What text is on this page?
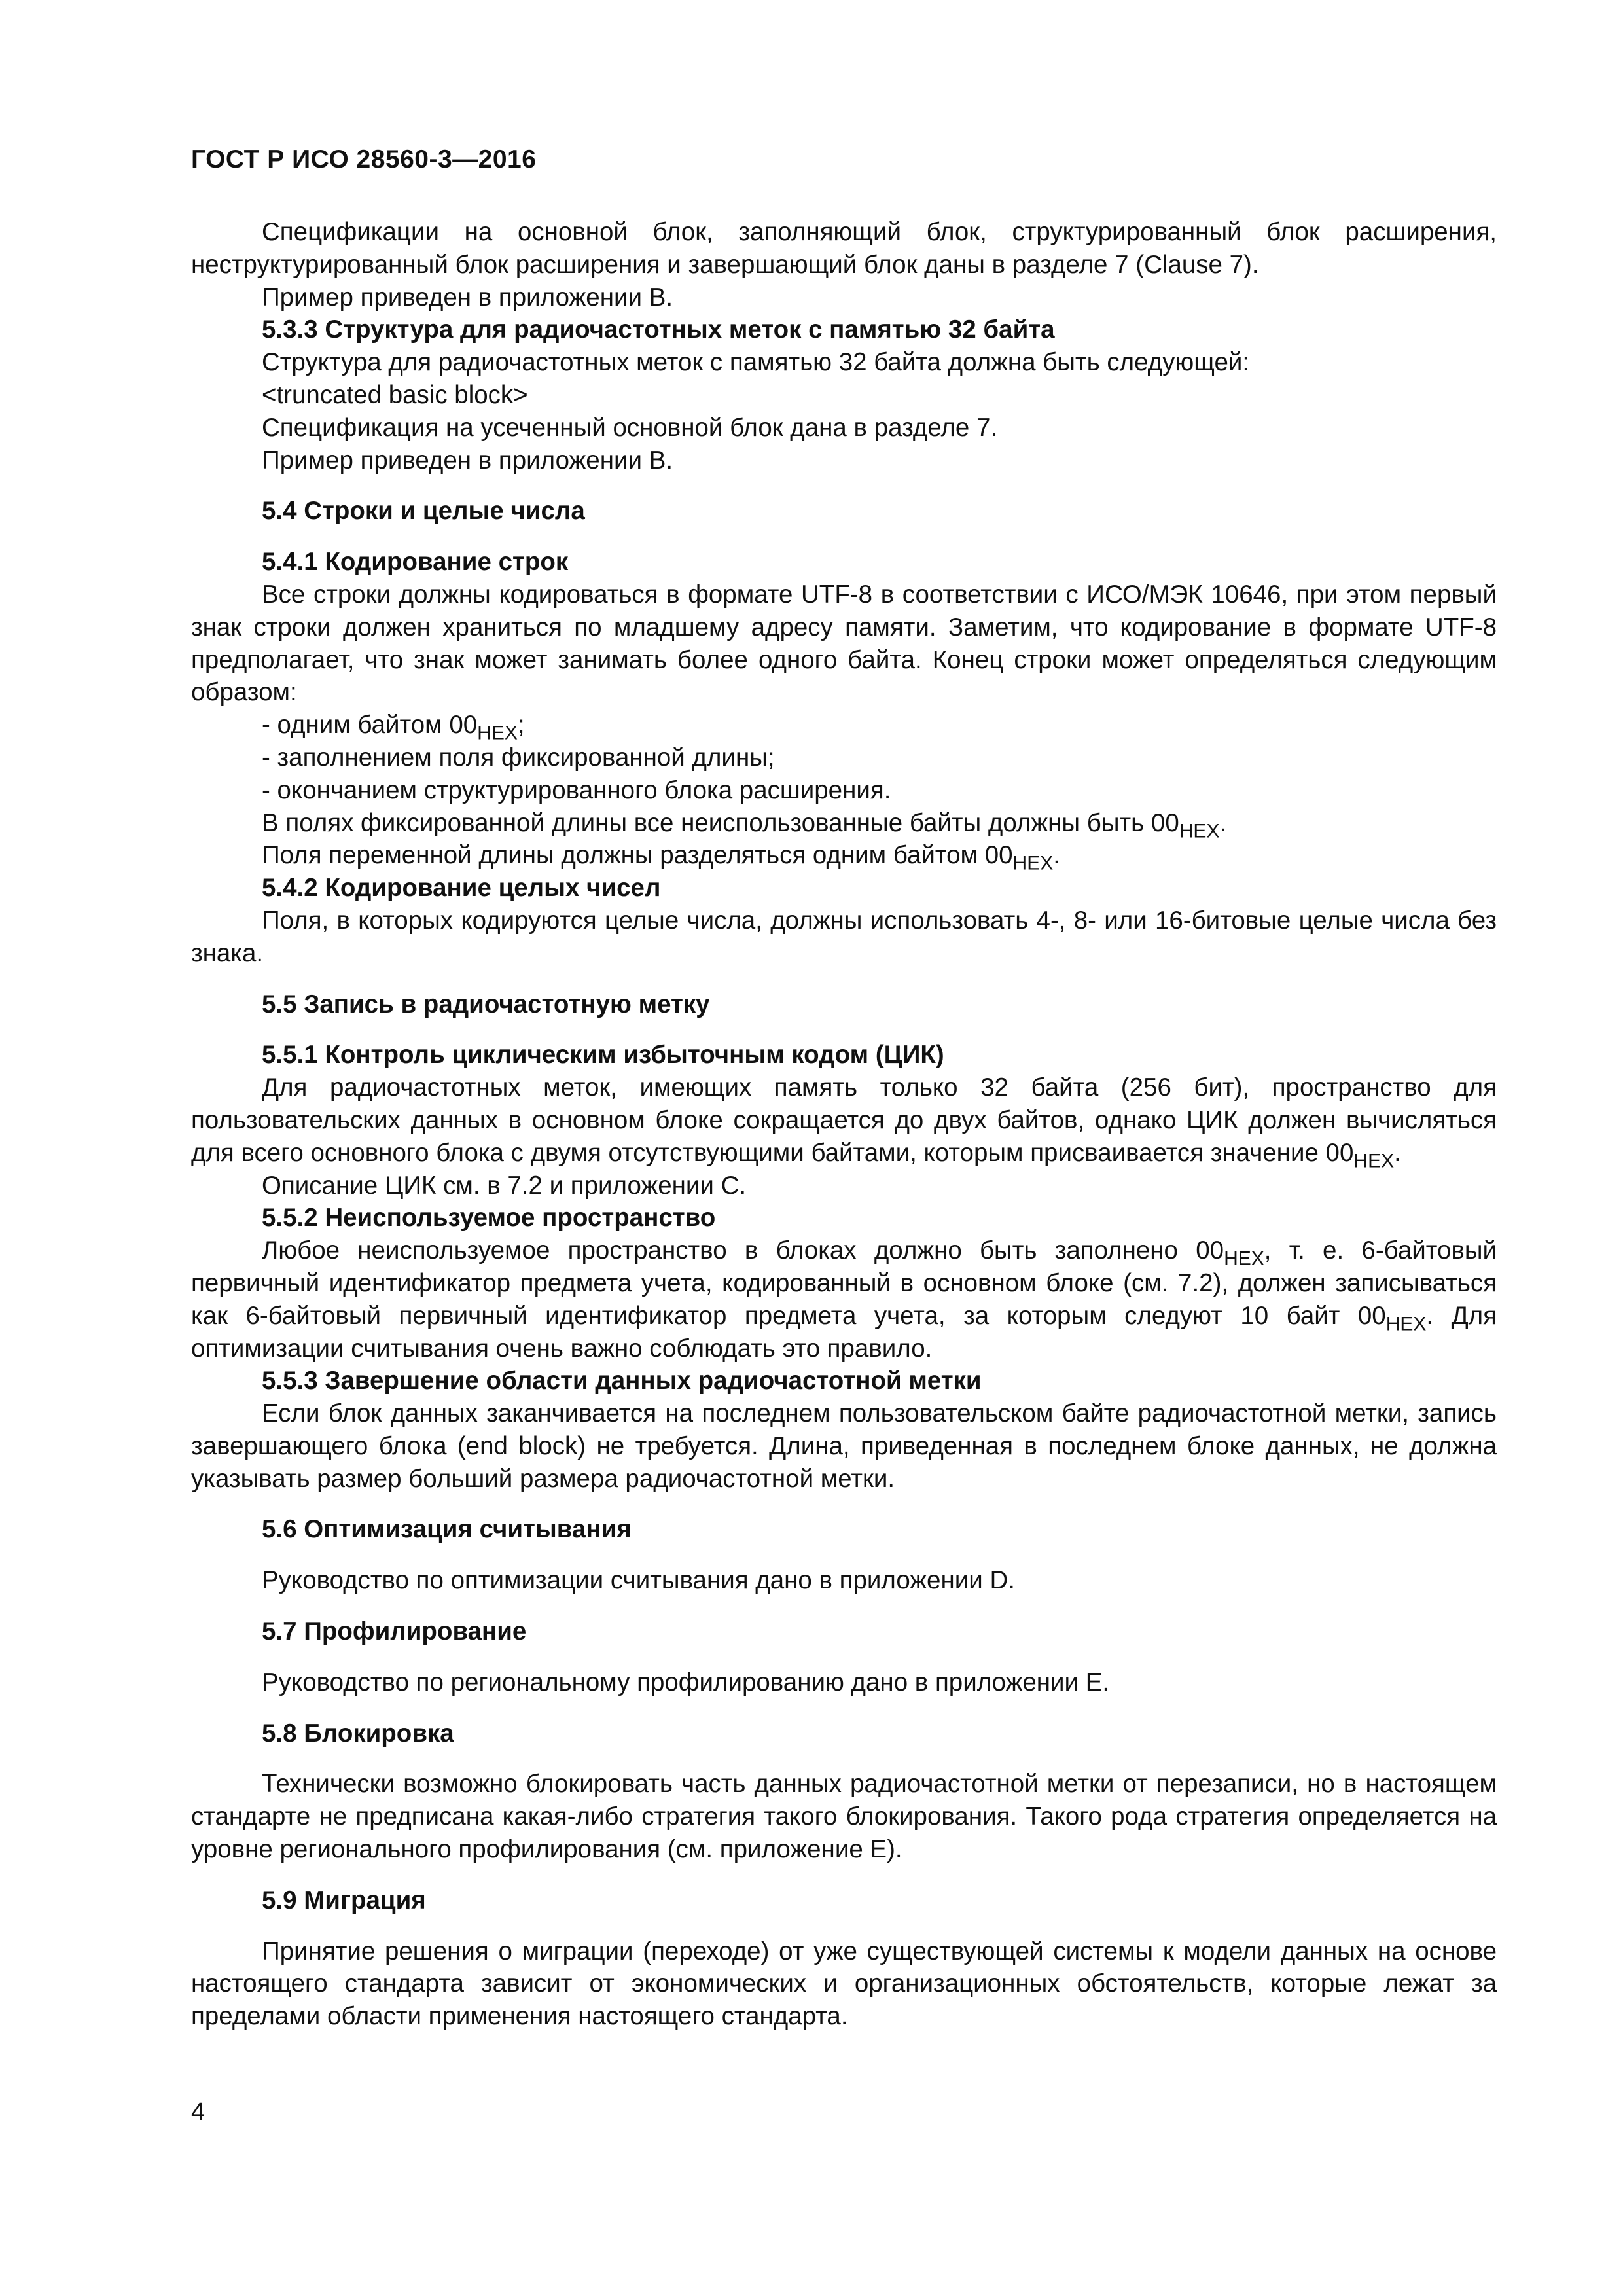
ГОСТ Р ИСО 28560-3—2016

Спецификации на основной блок, заполняющий блок, структурированный блок расширения, неструктурированный блок расширения и завершающий блок даны в разделе 7 (Clause 7).

Пример приведен в приложении В.

5.3.3 Структура для радиочастотных меток с памятью 32 байта

Структура для радиочастотных меток с памятью 32 байта должна быть следующей:

<truncated basic block>

Спецификация на усеченный основной блок дана в разделе 7.

Пример приведен в приложении В.

5.4 Строки и целые числа

5.4.1 Кодирование строк

Все строки должны кодироваться в формате UTF-8 в соответствии с ИСО/МЭК 10646, при этом первый знак строки должен храниться по младшему адресу памяти. Заметим, что кодирование в формате UTF-8 предполагает, что знак может занимать более одного байта. Конец строки может определяться следующим образом:

- одним байтом $00_{HEX}$;

- заполнением поля фиксированной длины;

- окончанием структурированного блока расширения.

В полях фиксированной длины все неиспользованные байты должны быть $00_{HEX}$.

Поля переменной длины должны разделяться одним байтом $00_{HEX}$.

5.4.2 Кодирование целых чисел

Поля, в которых кодируются целые числа, должны использовать 4-, 8- или 16-битовые целые числа без знака.

5.5 Запись в радиочастотную метку

5.5.1 Контроль циклическим избыточным кодом (ЦИК)

Для радиочастотных меток, имеющих память только 32 байта (256 бит), пространство для пользовательских данных в основном блоке сокращается до двух байтов, однако ЦИК должен вычисляться для всего основного блока с двумя отсутствующими байтами, которым присваивается значение $00_{HEX}$.

Описание ЦИК см. в 7.2 и приложении С.

5.5.2 Неиспользуемое пространство

Любое неиспользуемое пространство в блоках должно быть заполнено $00_{HEX}$, т. е. 6-байтовый первичный идентификатор предмета учета, кодированный в основном блоке (см. 7.2), должен записываться как 6-байтовый первичный идентификатор предмета учета, за которым следуют 10 байт $00_{HEX}$. Для оптимизации считывания очень важно соблюдать это правило.

5.5.3 Завершение области данных радиочастотной метки

Если блок данных заканчивается на последнем пользовательском байте радиочастотной метки, запись завершающего блока (end block) не требуется. Длина, приведенная в последнем блоке данных, не должна указывать размер больший размера радиочастотной метки.

5.6 Оптимизация считывания

Руководство по оптимизации считывания дано в приложении D.

5.7 Профилирование

Руководство по региональному профилированию дано в приложении Е.

5.8 Блокировка

Технически возможно блокировать часть данных радиочастотной метки от перезаписи, но в настоящем стандарте не предписана какая-либо стратегия такого блокирования. Такого рода стратегия определяется на уровне регионального профилирования (см. приложение Е).

5.9 Миграция

Принятие решения о миграции (переходе) от уже существующей системы к модели данных на основе настоящего стандарта зависит от экономических и организационных обстоятельств, которые лежат за пределами области применения настоящего стандарта.

4
